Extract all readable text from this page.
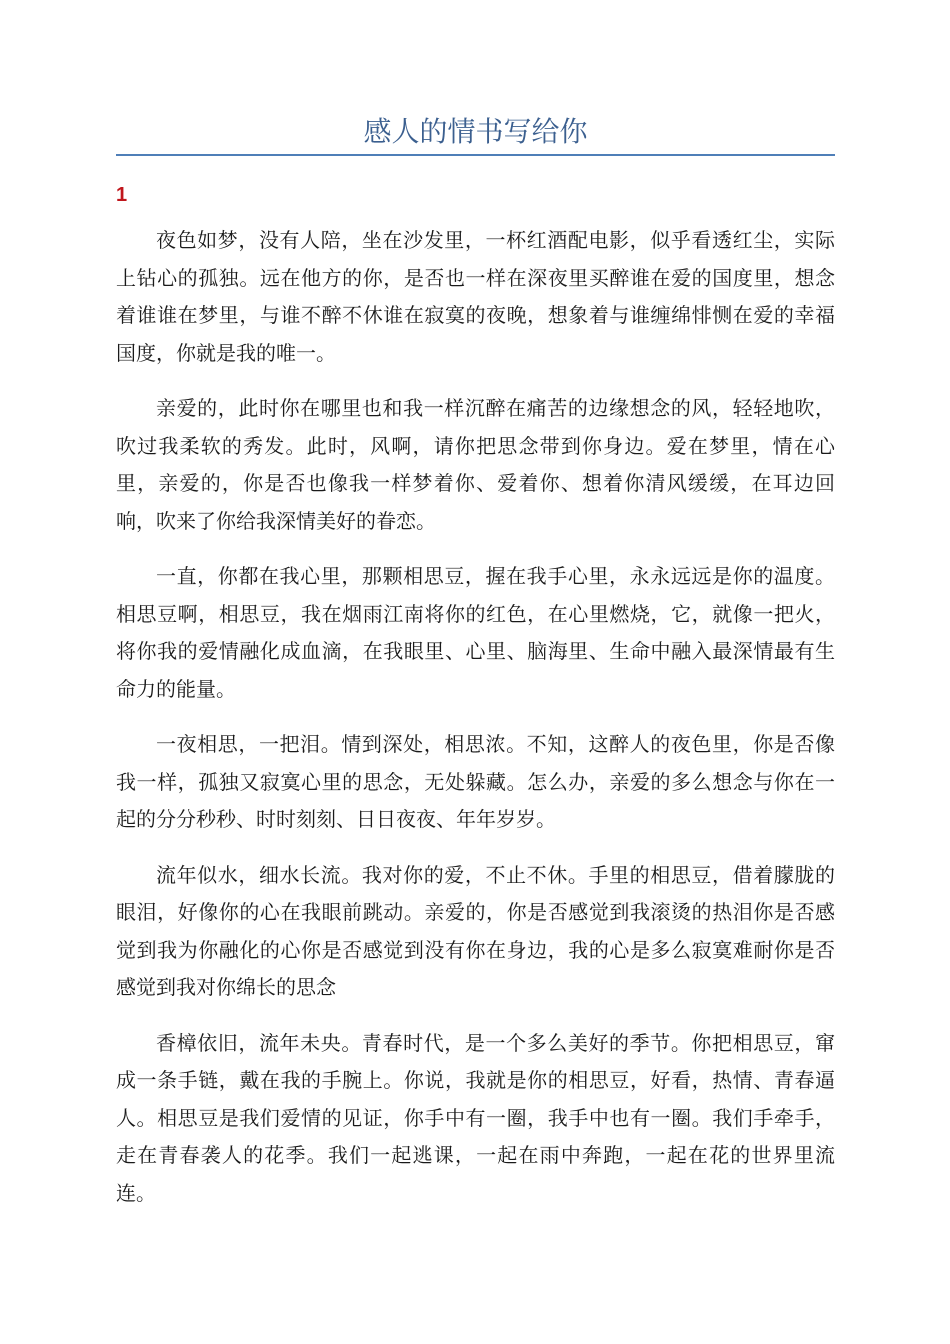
感人的情书写给你
1

夜色如梦，没有人陪，坐在沙发里，一杯红酒配电影，似乎看透红尘，实际上钻心的孤独。远在他方的你，是否也一样在深夜里买醉谁在爱的国度里，想念着谁谁在梦里，与谁不醉不休谁在寂寞的夜晚，想象着与谁缠绵悱恻在爱的幸福国度，你就是我的唯一。

亲爱的，此时你在哪里也和我一样沉醉在痛苦的边缘想念的风，轻轻地吹，吹过我柔软的秀发。此时，风啊，请你把思念带到你身边。爱在梦里，情在心里，亲爱的，你是否也像我一样梦着你、爱着你、想着你清风缓缓，在耳边回响，吹来了你给我深情美好的眷恋。

一直，你都在我心里，那颗相思豆，握在我手心里，永永远远是你的温度。相思豆啊，相思豆，我在烟雨江南将你的红色，在心里燃烧，它，就像一把火，将你我的爱情融化成血滴，在我眼里、心里、脑海里、生命中融入最深情最有生命力的能量。

一夜相思，一把泪。情到深处，相思浓。不知，这醉人的夜色里，你是否像我一样，孤独又寂寞心里的思念，无处躲藏。怎么办，亲爱的多么想念与你在一起的分分秒秒、时时刻刻、日日夜夜、年年岁岁。

流年似水，细水长流。我对你的爱，不止不休。手里的相思豆，借着朦胧的眼泪，好像你的心在我眼前跳动。亲爱的，你是否感觉到我滚烫的热泪你是否感觉到我为你融化的心你是否感觉到没有你在身边，我的心是多么寂寞难耐你是否感觉到我对你绵长的思念

香樟依旧，流年未央。青春时代，是一个多么美好的季节。你把相思豆，窜成一条手链，戴在我的手腕上。你说，我就是你的相思豆，好看，热情、青春逼人。相思豆是我们爱情的见证，你手中有一圈，我手中也有一圈。我们手牵手，走在青春袭人的花季。我们一起逃课，一起在雨中奔跑，一起在花的世界里流连。
